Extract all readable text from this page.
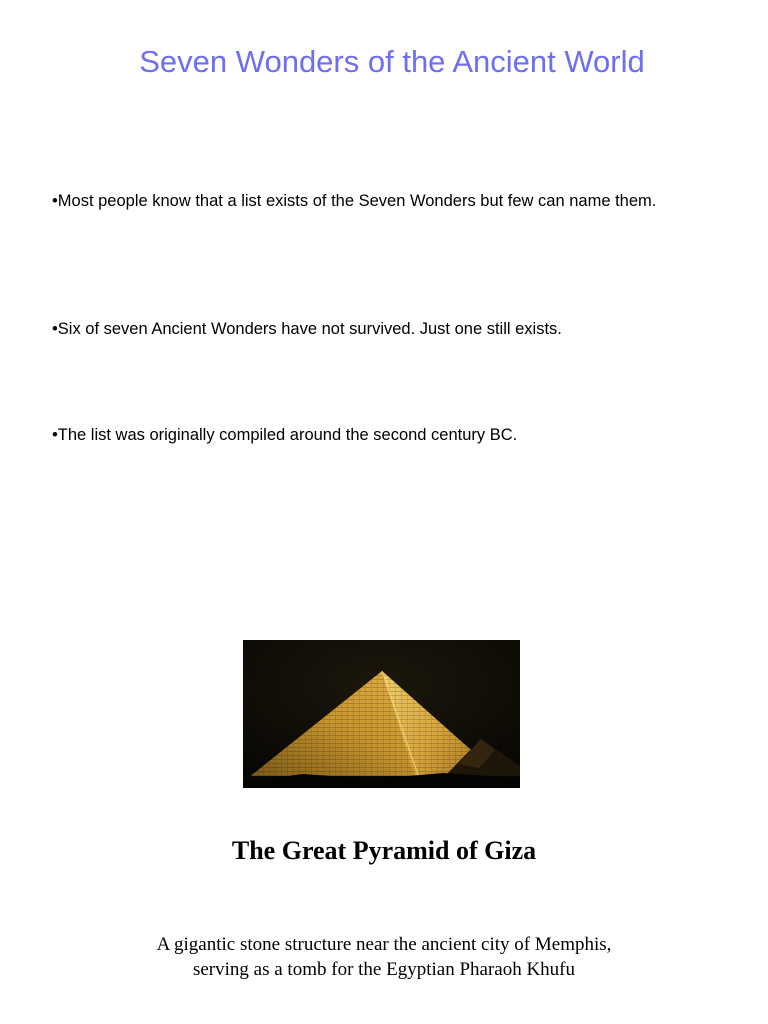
Seven Wonders of the Ancient World
•Most people know that a list exists of the Seven Wonders but few can name them.
•Six of seven Ancient Wonders have not survived. Just one still exists.
•The list was originally compiled around the second century BC.
The Great Pyramid of Giza
A gigantic stone structure near the ancient city of Memphis,
serving as a tomb for the Egyptian Pharaoh Khufu
